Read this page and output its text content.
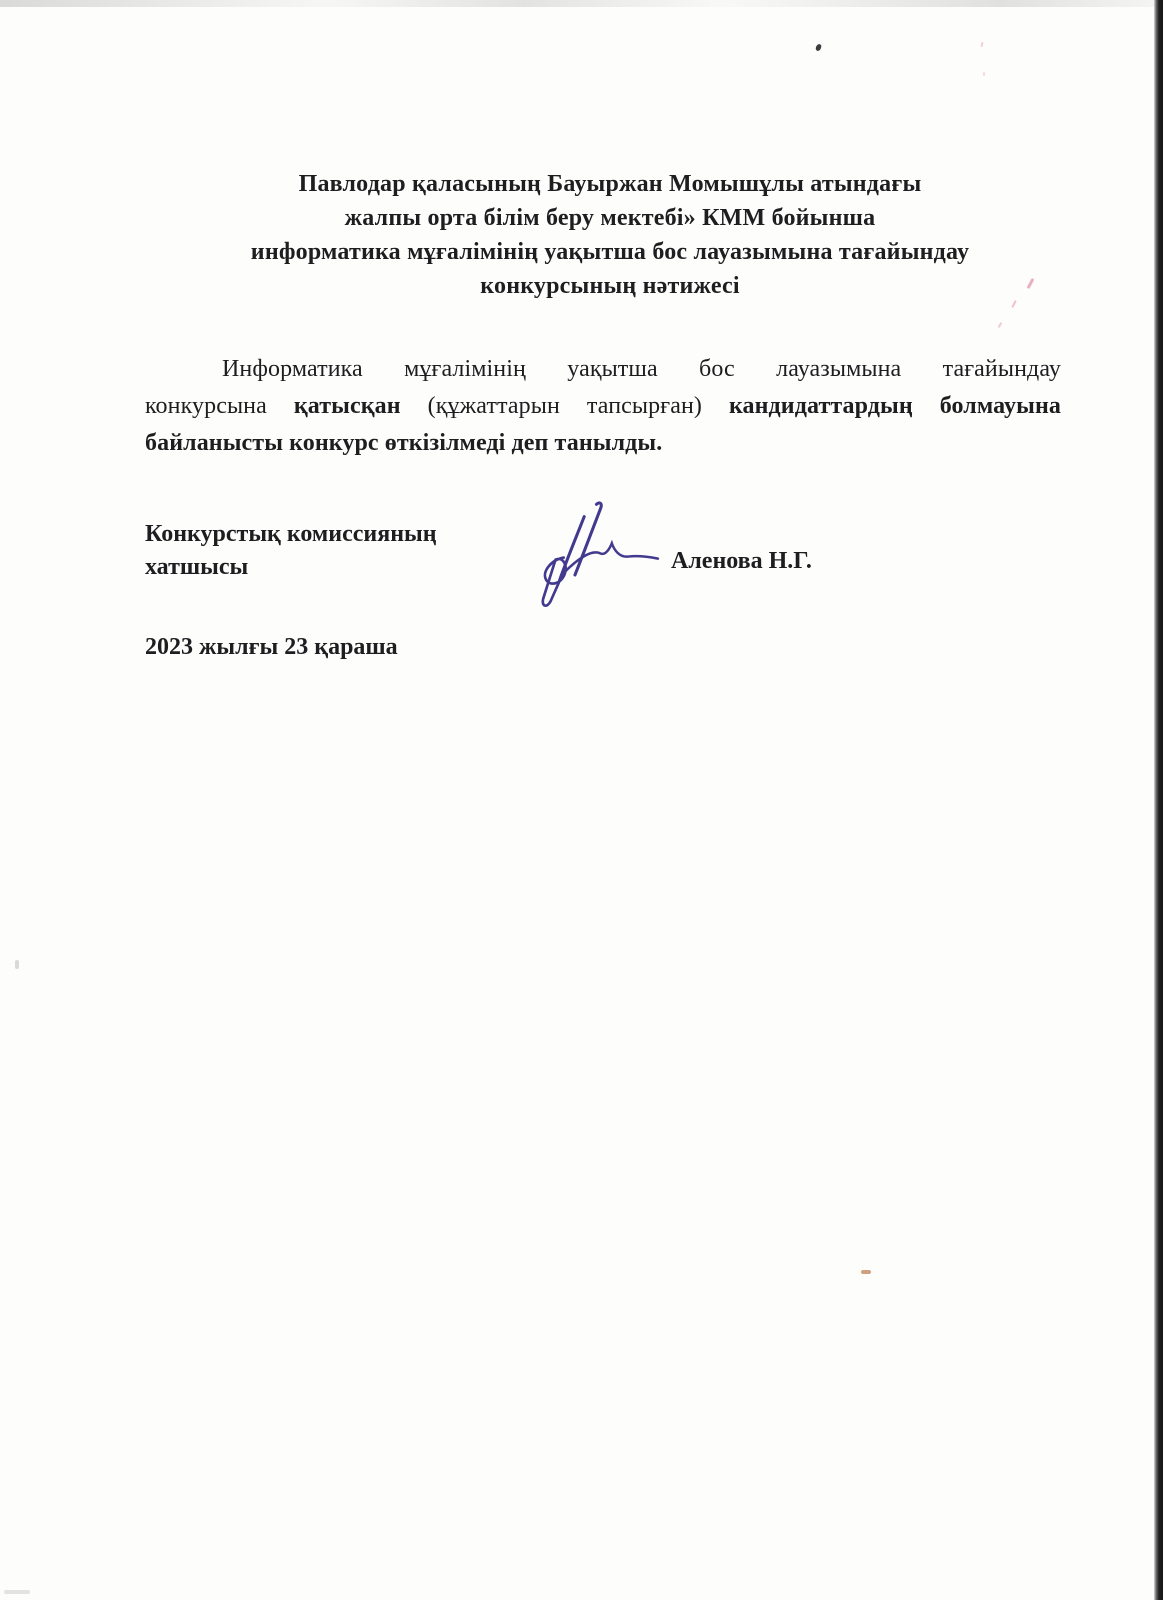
Павлодар қаласының Бауыржан Момышұлы атындағы
жалпы орта білім беру мектебі» КММ бойынша
информатика мұғалімінің уақытша бос лауазымына тағайындау
конкурсының нәтижесі
Информатика мұғалімінің уақытша бос лауазымына тағайындау
конкурсына қатысқан (құжаттарын тапсырған) кандидаттардың болмауына
байланысты конкурс өткізілмеді деп танылды.
Конкурстық комиссияның
хатшысы	Аленова Н.Г.
2023 жылғы 23 қараша
